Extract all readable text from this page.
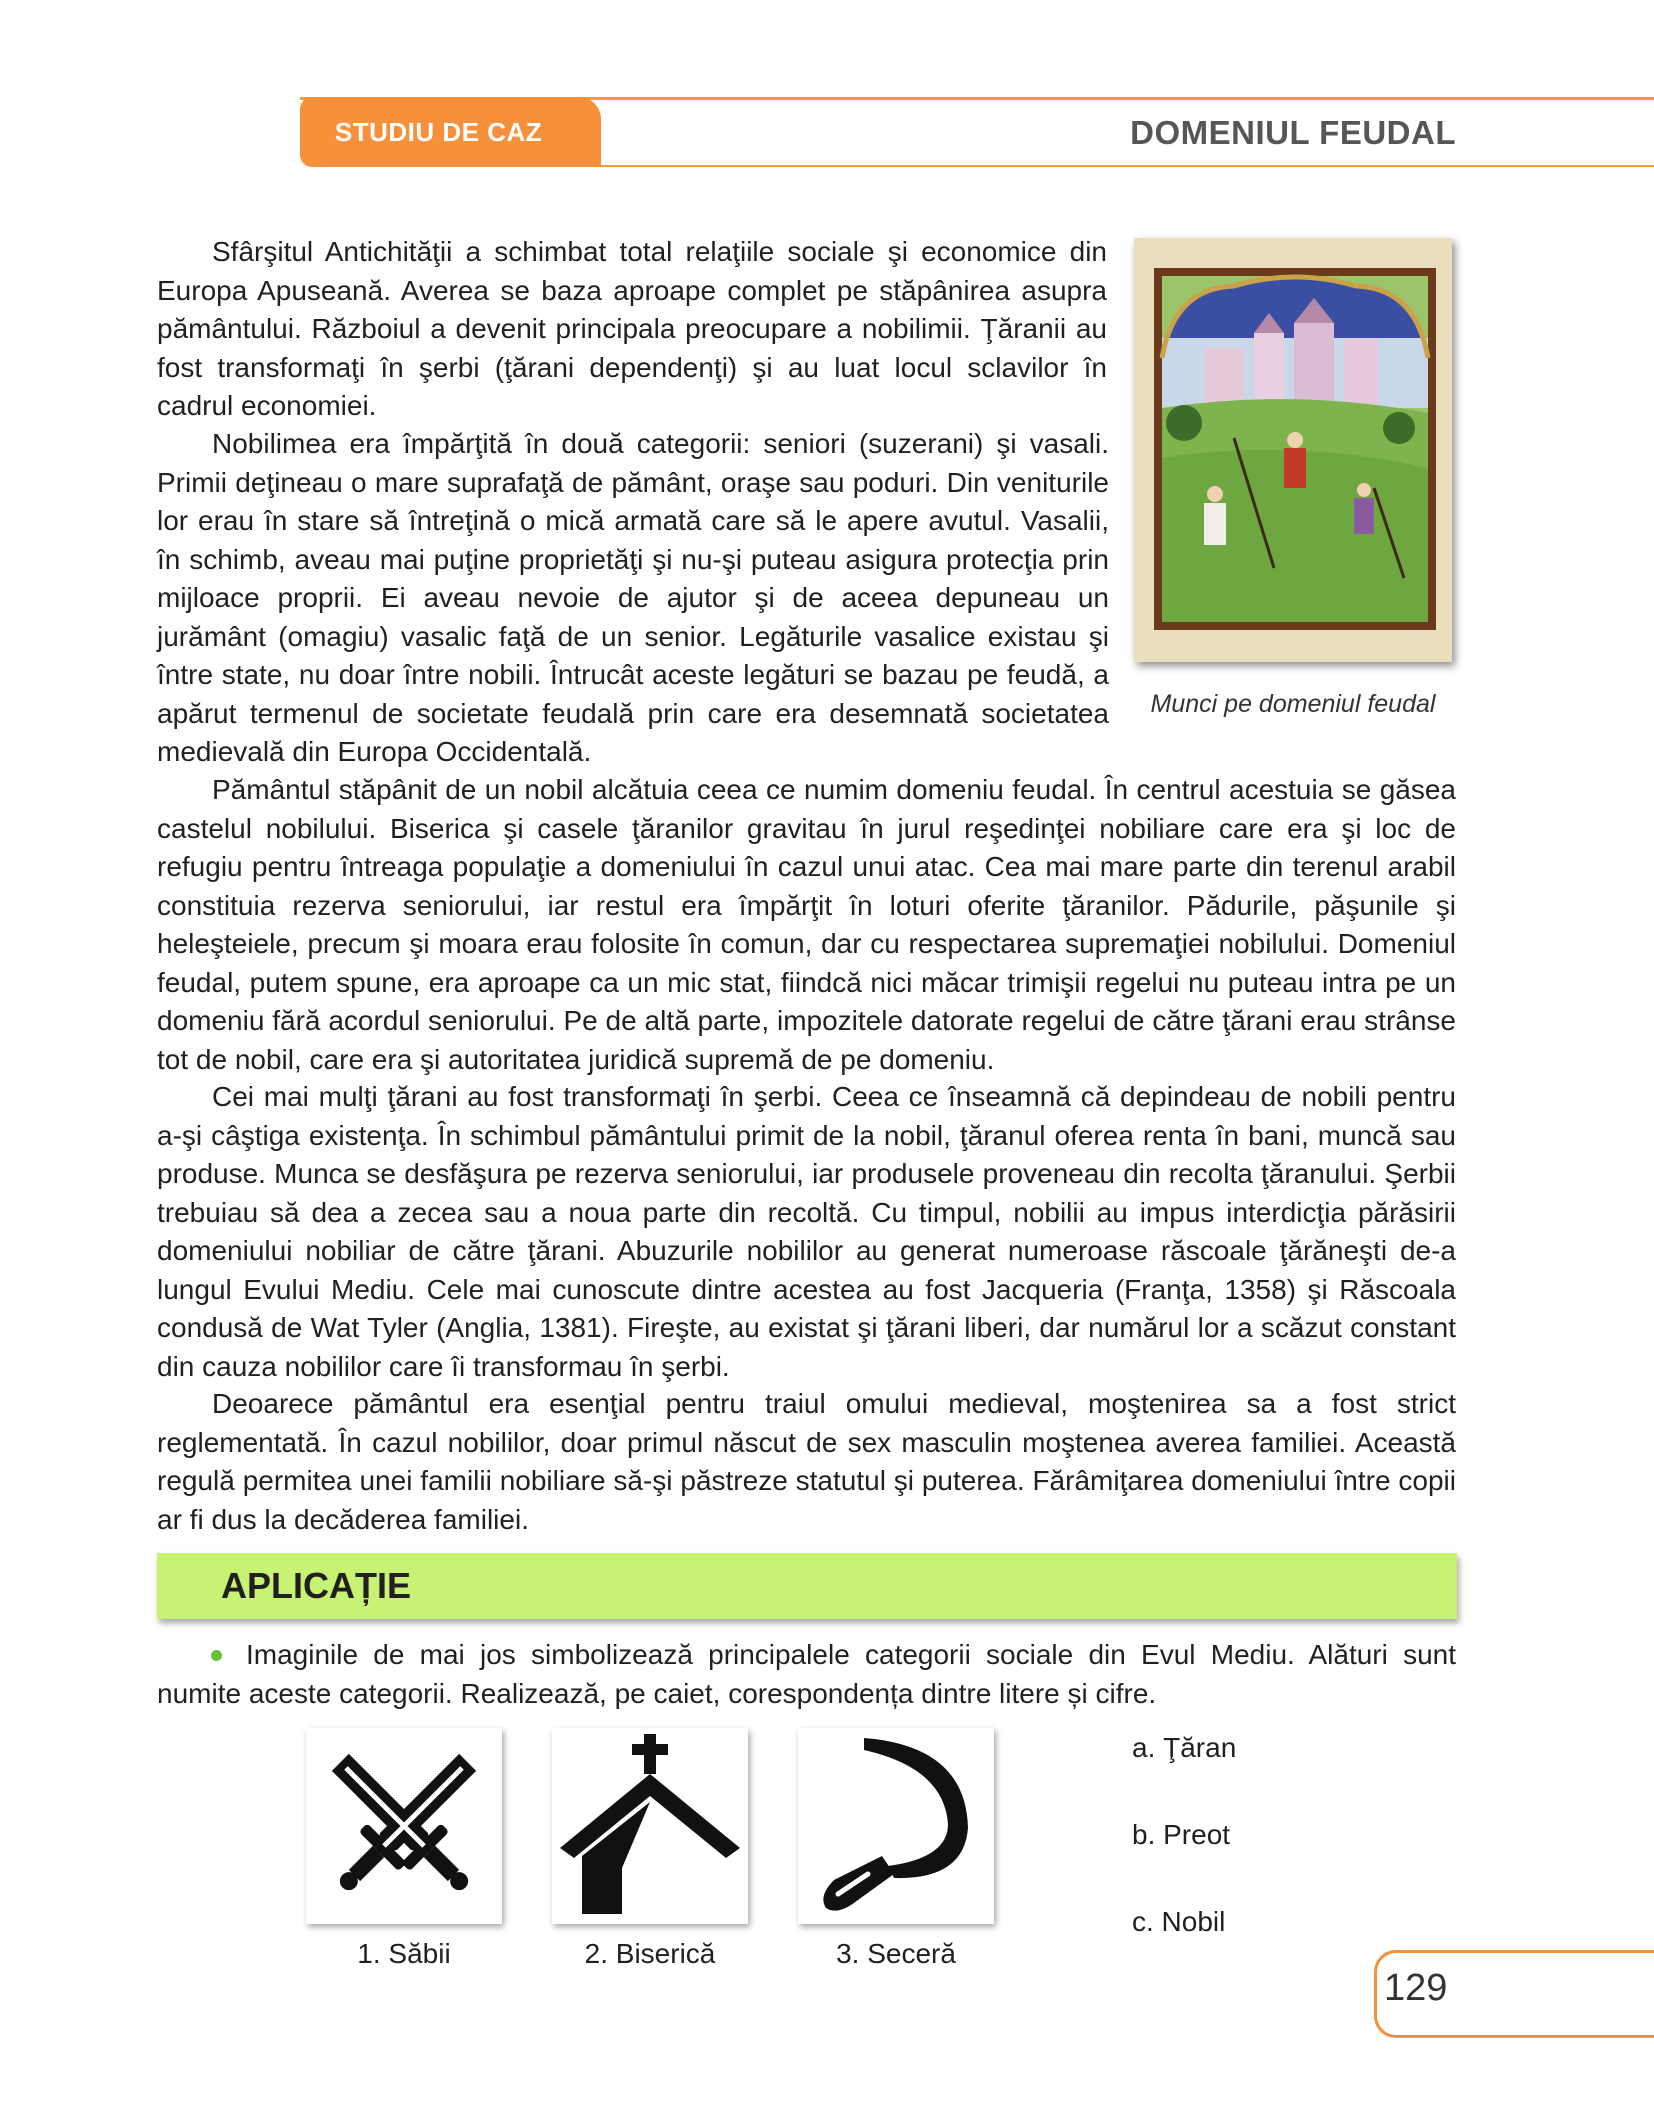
STUDIU DE CAZ	DOMENIUL FEUDAL

Sfârşitul Antichităţii a schimbat total relaţiile sociale şi economice din Europa Apuseană. Averea se baza aproape complet pe stăpânirea asupra pământului. Războiul a devenit principala preocupare a nobilimii. Ţăranii au fost transformaţi în şerbi (ţărani dependenţi) şi au luat locul sclavilor în cadrul economiei.

Nobilimea era împărţită în două categorii: seniori (suzerani) şi vasali. Primii deţineau o mare suprafaţă de pământ, oraşe sau poduri. Din veniturile lor erau în stare să întreţină o mică armată care să le apere avutul. Vasalii, în schimb, aveau mai puţine proprietăţi şi nu-şi puteau asigura protecţia prin mijloace proprii. Ei aveau nevoie de ajutor şi de aceea depuneau un jurământ (omagiu) vasalic faţă de un senior. Legăturile vasalice existau şi între state, nu doar între nobili. Întrucât aceste legături se bazau pe feudă, a apărut termenul de societate feudală prin care era desemnată societatea medievală din Europa Occidentală.

Pământul stăpânit de un nobil alcătuia ceea ce numim domeniu feudal. În centrul acestuia se găsea castelul nobilului. Biserica şi casele ţăranilor gravitau în jurul reşedinţei nobiliare care era şi loc de refugiu pentru întreaga populaţie a domeniului în cazul unui atac. Cea mai mare parte din terenul arabil constituia rezerva seniorului, iar restul era împărţit în loturi oferite ţăranilor. Pădurile, păşunile şi heleşteiele, precum şi moara erau folosite în comun, dar cu respectarea supremaţiei nobilului. Domeniul feudal, putem spune, era aproape ca un mic stat, fiindcă nici măcar trimişii regelui nu puteau intra pe un domeniu fără acordul seniorului. Pe de altă parte, impozitele datorate regelui de către ţărani erau strânse tot de nobil, care era şi autoritatea juridică supremă de pe domeniu.

Cei mai mulţi ţărani au fost transformaţi în şerbi. Ceea ce înseamnă că depindeau de nobili pentru a-şi câştiga existenţa. În schimbul pământului primit de la nobil, ţăranul oferea renta în bani, muncă sau produse. Munca se desfăşura pe rezerva seniorului, iar produsele proveneau din recolta ţăranului. Şerbii trebuiau să dea a zecea sau a noua parte din recoltă. Cu timpul, nobilii au impus interdicţia părăsirii domeniului nobiliar de către ţărani. Abuzurile nobililor au generat numeroase răscoale ţărăneşti de-a lungul Evului Mediu. Cele mai cunoscute dintre acestea au fost Jacqueria (Franţa, 1358) şi Răscoala condusă de Wat Tyler (Anglia, 1381). Fireşte, au existat şi ţărani liberi, dar numărul lor a scăzut constant din cauza nobililor care îi transformau în şerbi.

Deoarece pământul era esenţial pentru traiul omului medieval, moştenirea sa a fost strict reglementată. În cazul nobililor, doar primul născut de sex masculin moştenea averea familiei. Această regulă permitea unei familii nobiliare să-şi păstreze statutul şi puterea. Fărâmiţarea domeniului între copii ar fi dus la decăderea familiei.

Munci pe domeniul feudal
APLICAȚIE

Imaginile de mai jos simbolizează principalele categorii sociale din Evul Mediu. Alături sunt numite aceste categorii. Realizează, pe caiet, corespondența dintre litere și cifre.

1. Săbii	2. Biserică	3. Seceră
a. Ţăran
b. Preot
c. Nobil
129
